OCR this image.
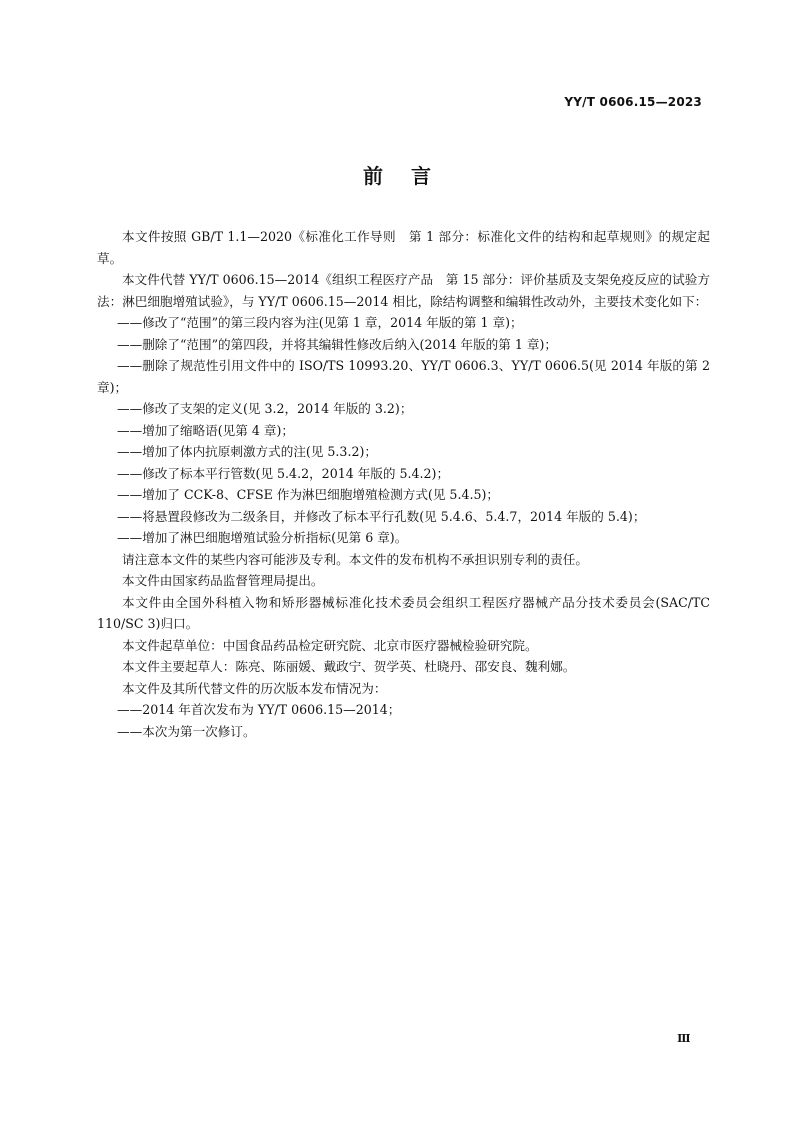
YY/T 0606.15—2023
前言

本文件按照 GB/T 1.1—2020《标准化工作导则　第 1 部分：标准化文件的结构和起草规则》的规定起草。

本文件代替 YY/T 0606.15—2014《组织工程医疗产品　第 15 部分：评价基质及支架免疫反应的试验方法：淋巴细胞增殖试验》，与 YY/T 0606.15—2014 相比，除结构调整和编辑性改动外，主要技术变化如下：

——修改了“范围”的第三段内容为注(见第 1 章，2014 年版的第 1 章)；

——删除了“范围”的第四段，并将其编辑性修改后纳入(2014 年版的第 1 章)；

——删除了规范性引用文件中的 ISO/TS 10993.20、YY/T 0606.3、YY/T 0606.5(见 2014 年版的第 2 章)；

——修改了支架的定义(见 3.2，2014 年版的 3.2)；

——增加了缩略语(见第 4 章)；

——增加了体内抗原刺激方式的注(见 5.3.2)；

——修改了标本平行管数(见 5.4.2，2014 年版的 5.4.2)；

——增加了 CCK-8、CFSE 作为淋巴细胞增殖检测方式(见 5.4.5)；

——将悬置段修改为二级条目，并修改了标本平行孔数(见 5.4.6、5.4.7，2014 年版的 5.4)；

——增加了淋巴细胞增殖试验分析指标(见第 6 章)。

请注意本文件的某些内容可能涉及专利。本文件的发布机构不承担识别专利的责任。

本文件由国家药品监督管理局提出。

本文件由全国外科植入物和矫形器械标准化技术委员会组织工程医疗器械产品分技术委员会(SAC/TC 110/SC 3)归口。

本文件起草单位：中国食品药品检定研究院、北京市医疗器械检验研究院。

本文件主要起草人：陈亮、陈丽媛、戴政宁、贺学英、杜晓丹、邵安良、魏利娜。

本文件及其所代替文件的历次版本发布情况为：

——2014 年首次发布为 YY/T 0606.15—2014；

——本次为第一次修订。

Ⅲ
